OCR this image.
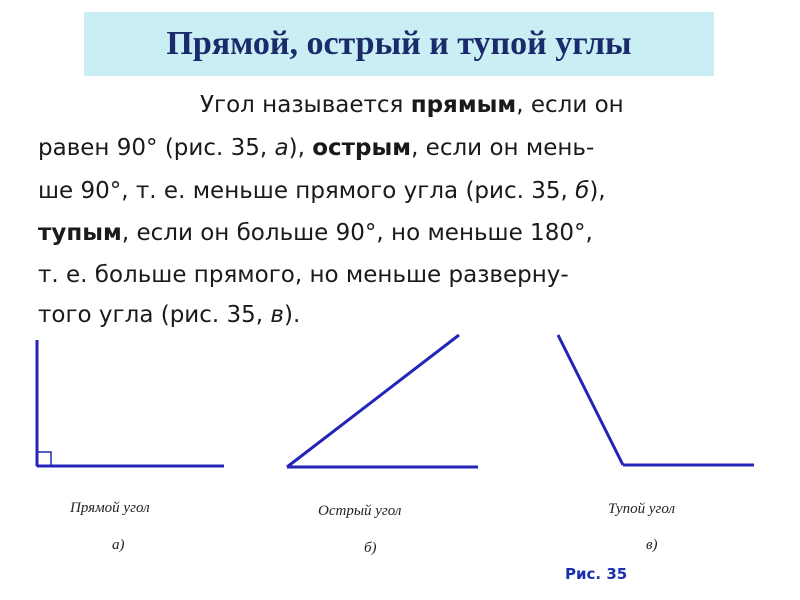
Прямой, острый и тупой углы
Угол называется прямым, если он
равен 90° (рис. 35, а), острым, если он мень-
ше 90°, т. е. меньше прямого угла (рис. 35, б),
тупым, если он больше 90°, но меньше 180°,
т. е. больше прямого, но меньше разверну-
того угла (рис. 35, в).
Прямой угол
а)
Острый угол
б)
Тупой угол
в)
Рис. 35
